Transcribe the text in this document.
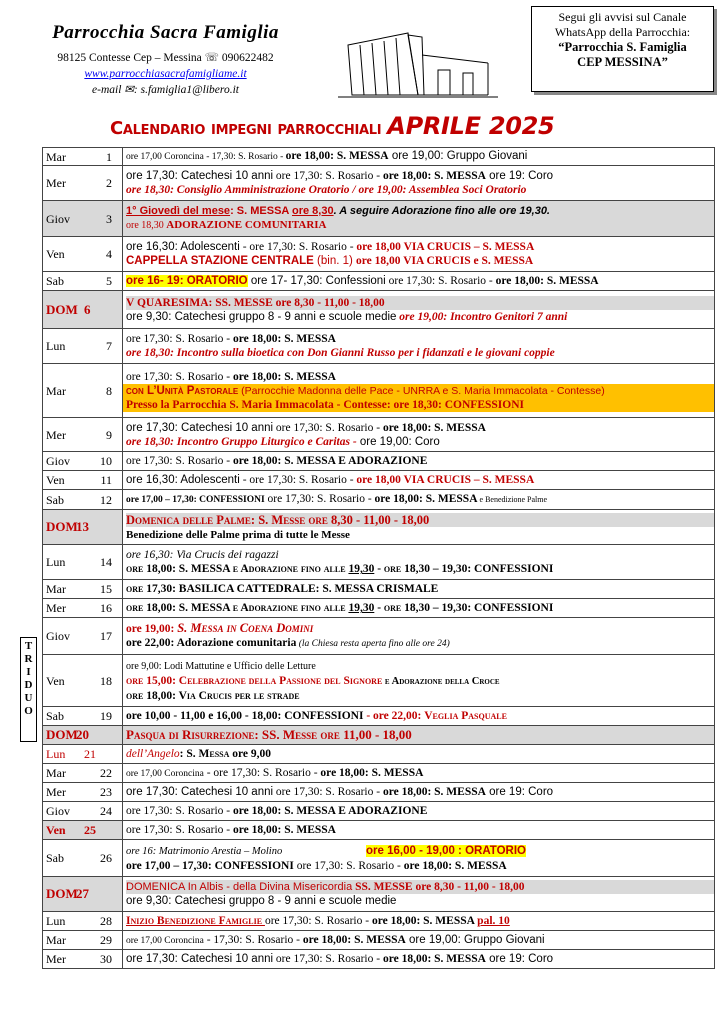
Parrocchia Sacra Famiglia
98125 Contesse Cep – Messina ☏ 090622482
www.parrocchiasacrafamigliame.it
e-mail ✉: s.famiglia1@libero.it
Segui gli avvisi sul Canale
WhatsApp della Parrocchia:
“Parrocchia S. Famiglia
CEP MESSINA”
Calendario impegni parrocchiali APRILE 2025
T
R
I
D
U
O
Mar 1	ore 17,00 Coroncina - 17,30: S. Rosario - ore 18,00: S. MESSA ore 19,00: Gruppo Giovani
Mer 2	ore 17,30: Catechesi 10 anni ore 17,30: S. Rosario - ore 18,00: S. MESSA ore 19: Coro
ore 18,30: Consiglio Amministrazione Oratorio / ore 19,00: Assemblea Soci Oratorio
Giov 3	1° Giovedì del mese: S. MESSA ore 8,30. A seguire Adorazione fino alle ore 19,30.
ore 18,30 ADORAZIONE COMUNITARIA
Ven 4	ore 16,30: Adolescenti - ore 17,30: S. Rosario - ore 18,00 VIA CRUCIS – S. MESSA
CAPPELLA STAZIONE CENTRALE (bin. 1) ore 18,00 VIA CRUCIS e S. MESSA
Sab 5	ore 16- 19: ORATORIO ore 17- 17,30: Confessioni ore 17,30: S. Rosario - ore 18,00: S. MESSA
DOM 6	V QUARESIMA: SS. MESSE ore 8,30 - 11,00 - 18,00
ore 9,30: Catechesi gruppo 8 - 9 anni e scuole medie ore 19,00: Incontro Genitori 7 anni
Lun 7	ore 17,30: S. Rosario - ore 18,00: S. MESSA
ore 18,30: Incontro sulla bioetica con Don Gianni Russo per i fidanzati e le giovani coppie
Mar 8	ore 17,30: S. Rosario - ore 18,00: S. MESSA
con L’Unità Pastorale (Parrocchie Madonna delle Pace - UNRRA e S. Maria Immacolata - Contesse)
Presso la Parrocchia S. Maria Immacolata - Contesse: ore 18,30: CONFESSIONI

Mer 9	ore 17,30: Catechesi 10 anni ore 17,30: S. Rosario - ore 18,00: S. MESSA
ore 18,30: Incontro Gruppo Liturgico e Caritas - ore 19,00: Coro
Giov 10	ore 17,30: S. Rosario - ore 18,00: S. MESSA E ADORAZIONE
Ven 11	ore 16,30: Adolescenti - ore 17,30: S. Rosario - ore 18,00 VIA CRUCIS – S. MESSA
Sab 12	ore 17,00 – 17,30: CONFESSIONI ore 17,30: S. Rosario - ore 18,00: S. MESSA e Benedizione Palme
DOM13	Domenica delle Palme: S. Messe ore 8,30 - 11,00 - 18,00
Benedizione delle Palme prima di tutte le Messe
Lun 14	ore 16,30: Via Crucis dei ragazzi
ore 18,00: S. MESSA e Adorazione fino alle 19,30 - ore 18,30 – 19,30: CONFESSIONI
Mar 15	ore 17,30: BASILICA CATTEDRALE: S. MESSA CRISMALE
Mer 16	ore 18,00: S. MESSA e Adorazione fino alle 19,30 - ore 18,30 – 19,30: CONFESSIONI
Giov 17	ore 19,00: S. Messa in Coena Domini
ore 22,00: Adorazione comunitaria (la Chiesa resta aperta fino alle ore 24)
Ven 18	ore 9,00: Lodi Mattutine e Ufficio delle Letture
ore 15,00: Celebrazione della Passione del Signore e Adorazione della Croce
ore 18,00: Via Crucis per le strade
Sab 19	ore 10,00 - 11,00 e 16,00 - 18,00: CONFESSIONI - ore 22,00: Veglia Pasquale
DOM20	Pasqua di Risurrezione: SS. Messe ore 11,00 - 18,00
Lun 21	dell’Angelo: S. Messa ore 9,00
Mar 22	ore 17,00 Coroncina - ore 17,30: S. Rosario - ore 18,00: S. MESSA
Mer 23	ore 17,30: Catechesi 10 anni ore 17,30: S. Rosario - ore 18,00: S. MESSA ore 19: Coro
Giov 24	ore 17,30: S. Rosario - ore 18,00: S. MESSA E ADORAZIONE
Ven 25	ore 17,30: S. Rosario - ore 18,00: S. MESSA
Sab 26	ore 16: Matrimonio Arestia – Molino ore 16,00 - 19,00 : ORATORIO
ore 17,00 – 17,30: CONFESSIONI ore 17,30: S. Rosario - ore 18,00: S. MESSA
DOM27	DOMENICA In Albis - della Divina Misericordia SS. MESSE ore 8,30 - 11,00 - 18,00
ore 9,30: Catechesi gruppo 8 - 9 anni e scuole medie
Lun 28	Inizio Benedizione Famiglie ore 17,30: S. Rosario - ore 18,00: S. MESSA pal. 10
Mar 29	ore 17,00 Coroncina - 17,30: S. Rosario - ore 18,00: S. MESSA ore 19,00: Gruppo Giovani
Mer 30	ore 17,30: Catechesi 10 anni ore 17,30: S. Rosario - ore 18,00: S. MESSA ore 19: Coro
